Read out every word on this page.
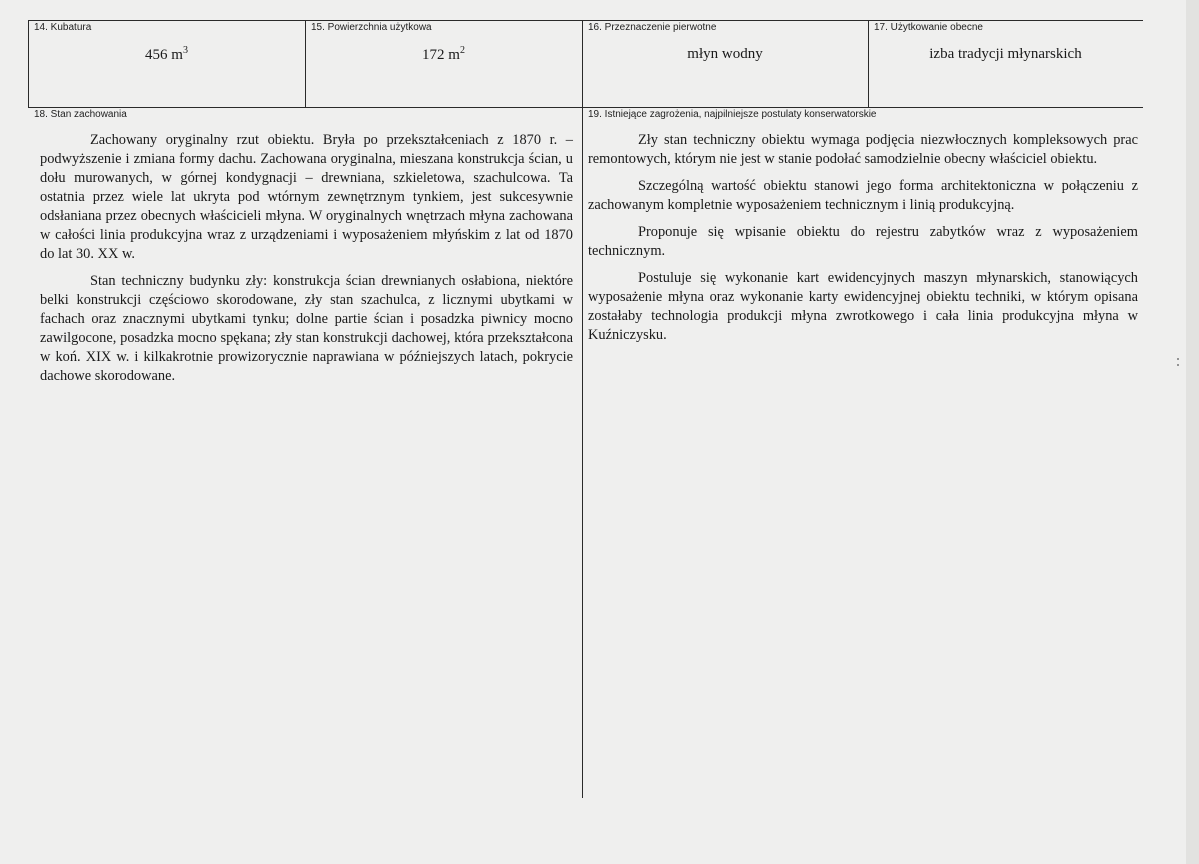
14. Kubatura
456 $m^3$
15. Powierzchnia użytkowa
172 $m^2$
16. Przeznaczenie pierwotne
młyn wodny
17. Użytkowanie obecne
izba tradycji młynarskich
18. Stan zachowania

Zachowany oryginalny rzut obiektu. Bryła po przekształceniach z 1870 r. – podwyższenie i zmiana formy dachu. Zachowana oryginalna, mieszana konstrukcja ścian, u dołu murowanych, w górnej kondygnacji – drewniana, szkieletowa, szachulcowa. Ta ostatnia przez wiele lat ukryta pod wtórnym zewnętrznym tynkiem, jest sukcesywnie odsłaniana przez obecnych właścicieli młyna. W oryginalnych wnętrzach młyna zachowana w całości linia produkcyjna wraz z urządzeniami i wyposażeniem młyńskim z lat od 1870 do lat 30. XX w.

Stan techniczny budynku zły: konstrukcja ścian drewnianych osłabiona, niektóre belki konstrukcji częściowo skorodowane, zły stan szachulca, z licznymi ubytkami w fachach oraz znacznymi ubytkami tynku; dolne partie ścian i posadzka piwnicy mocno zawilgocone, posadzka mocno spękana; zły stan konstrukcji dachowej, która przekształcona w koń. XIX w. i kilkakrotnie prowizorycznie naprawiana w późniejszych latach, pokrycie dachowe skorodowane.

19. Istniejące zagrożenia, najpilniejsze postulaty konserwatorskie

Zły stan techniczny obiektu wymaga podjęcia niezwłocznych kompleksowych prac remontowych, którym nie jest w stanie podołać samodzielnie obecny właściciel obiektu.

Szczególną wartość obiektu stanowi jego forma architektoniczna w połączeniu z zachowanym kompletnie wyposażeniem technicznym i linią produkcyjną.

Proponuje się wpisanie obiektu do rejestru zabytków wraz z wyposażeniem technicznym.

Postuluje się wykonanie kart ewidencyjnych maszyn młynarskich, stanowiących wyposażenie młyna oraz wykonanie karty ewidencyjnej obiektu techniki, w którym opisana zostałaby technologia produkcji młyna zwrotkowego i cała linia produkcyjna młyna w Kuźniczysku.
